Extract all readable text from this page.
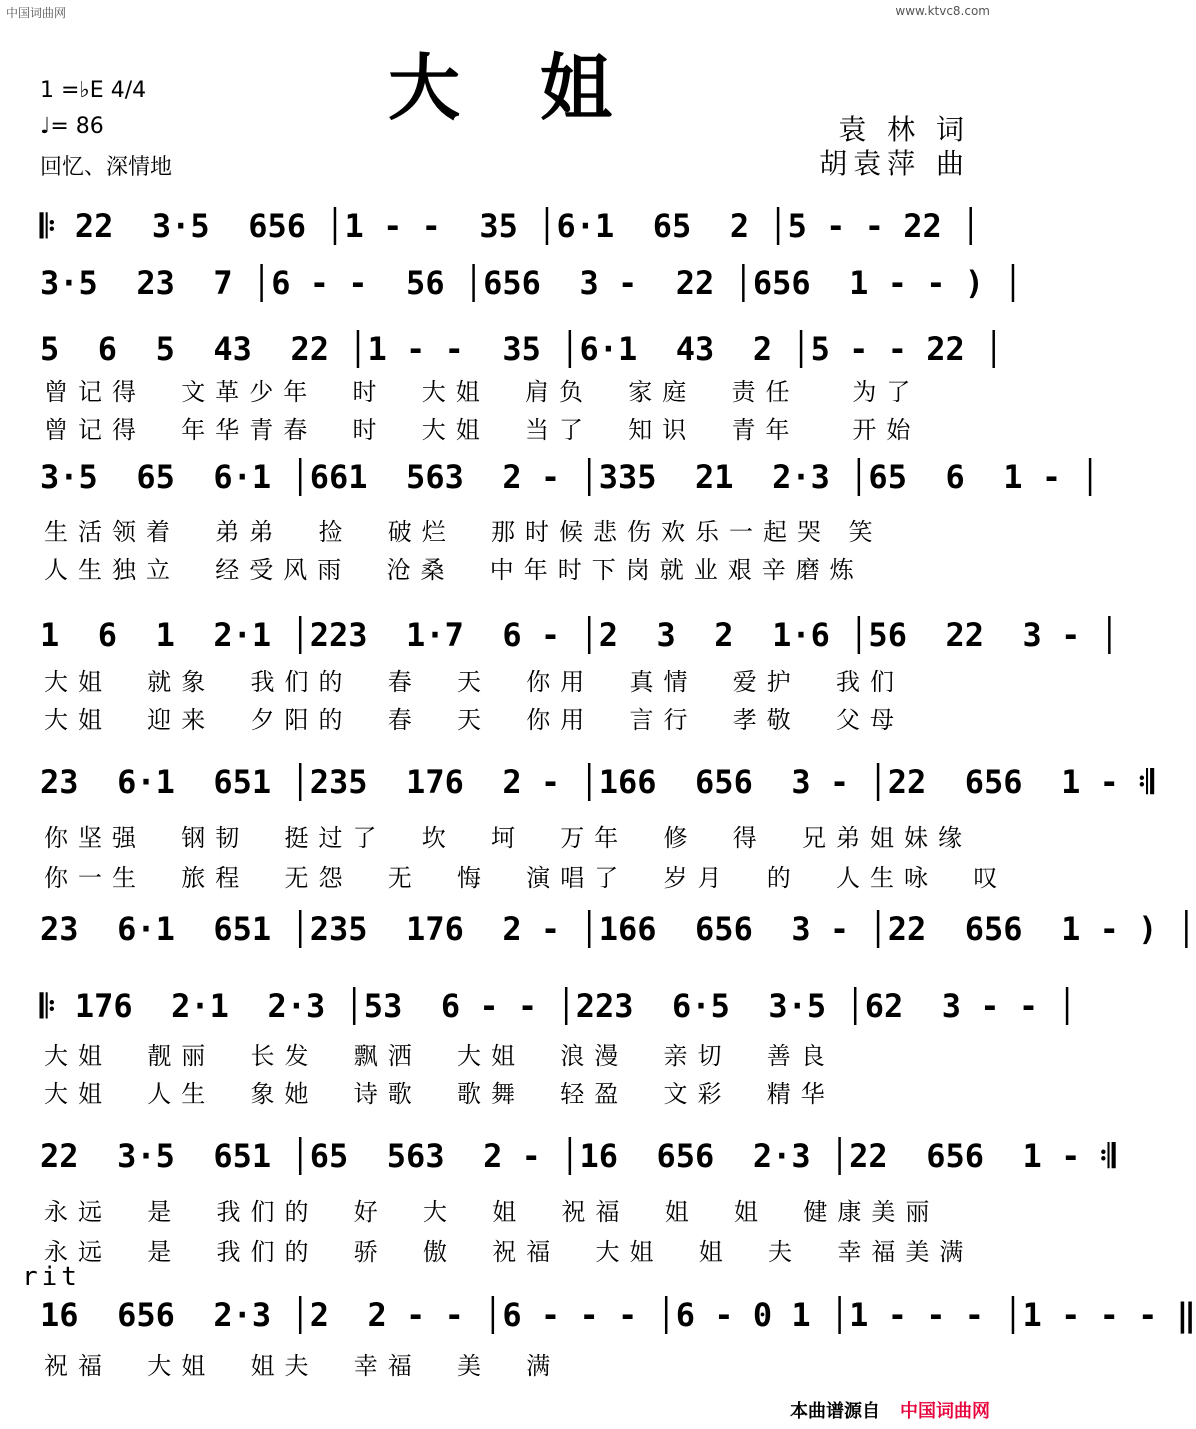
中国词曲网	www.ktvc8.com
大姐
1 =♭E 4/4
♩= 86
回忆、深情地
袁 林 词
胡袁萍 曲
𝄆 22  3·5  656 │1 - -  35 │6·1  65  2 │5 - - 22 │
3·5  23  7 │6 - -  56 │656  3 -  22 │656  1 - - ) │
5  6  5  43  22 │1 - -  35 │6·1  43  2 │5 - - 22 │
曾记得  文革少年  时  大姐  肩负  家庭  责任   为了
曾记得  年华青春  时  大姐  当了  知识  青年   开始
3·5  65  6·1 │661  563  2 - │335  21  2·3 │65  6  1 - │
生活领着  弟弟  捡  破烂  那时候悲伤欢乐一起哭 笑
人生独立  经受风雨  沧桑  中年时下岗就业艰辛磨炼
1  6  1  2·1 │223  1·7  6 - │2  3  2  1·6 │56  22  3 - │
大姐  就象  我们的  春  天  你用  真情  爱护  我们
大姐  迎来  夕阳的  春  天  你用  言行  孝敬  父母
23  6·1  651 │235  176  2 - │166  656  3 - │22  656  1 - 𝄇
你坚强  钢韧  挺过了  坎  坷  万年  修  得  兄弟姐妹缘
你一生  旅程  无怨  无  悔  演唱了  岁月  的  人生咏  叹
23  6·1  651 │235  176  2 - │166  656  3 - │22  656  1 - ) │
𝄆 176  2·1  2·3 │53  6 - - │223  6·5  3·5 │62  3 - - │
大姐  靓丽  长发  飘洒  大姐  浪漫  亲切  善良
大姐  人生  象她  诗歌  歌舞  轻盈  文彩  精华
22  3·5  651 │65  563  2 - │16  656  2·3 │22  656  1 - 𝄇
永远  是  我们的  好  大  姐  祝福  姐  姐  健康美丽
永远  是  我们的  骄  傲  祝福  大姐  姐  夫  幸福美满
rit
16  656  2·3 │2  2 - - │6 - - - │6 - 0 1 │1 - - - │1 - - - ‖
祝福  大姐  姐夫  幸福  美  满
本曲谱源自 中国词曲网
